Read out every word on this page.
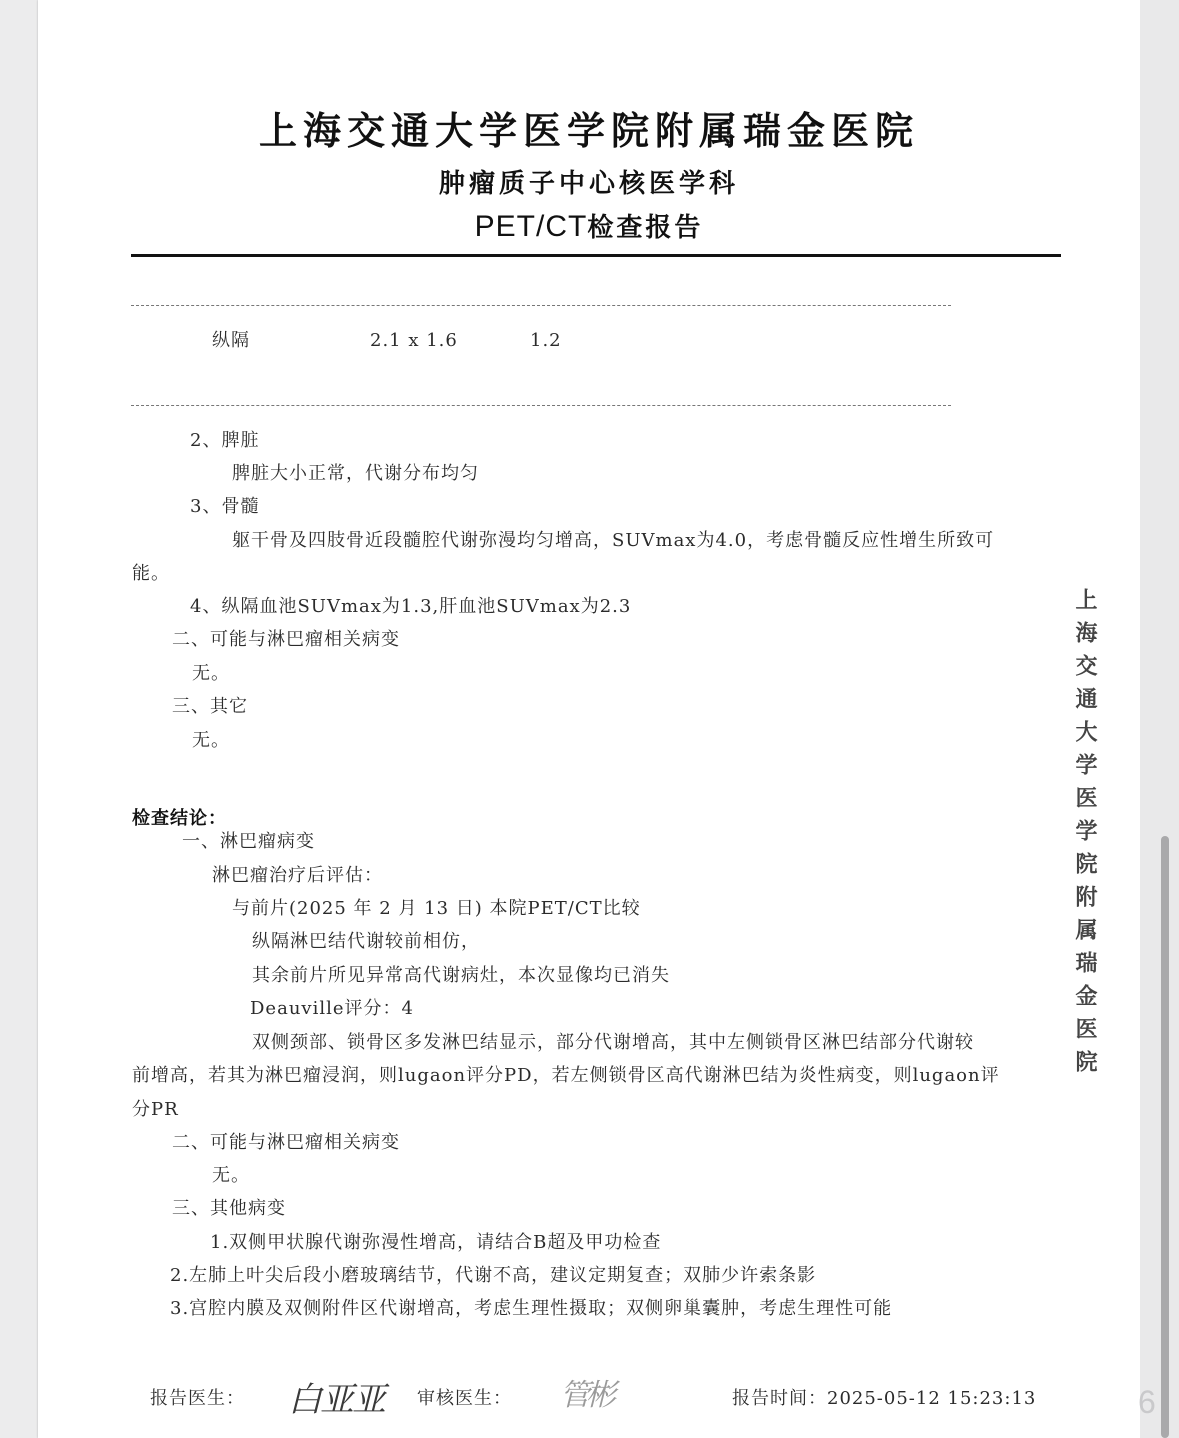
上海交通大学医学院附属瑞金医院
肿瘤质子中心核医学科
PET/CT检查报告
纵隔	2.1 x 1.6	1.2
2、脾脏
脾脏大小正常，代谢分布均匀
3、骨髓
躯干骨及四肢骨近段髓腔代谢弥漫均匀增高，SUVmax为4.0，考虑骨髓反应性增生所致可
能。
4、纵隔血池SUVmax为1.3,肝血池SUVmax为2.3
二、可能与淋巴瘤相关病变
无。
三、其它
无。
检查结论：
一、淋巴瘤病变
淋巴瘤治疗后评估：
与前片(2025 年 2 月 13 日) 本院PET/CT比较
纵隔淋巴结代谢较前相仿，
其余前片所见异常高代谢病灶，本次显像均已消失
Deauville评分：4
双侧颈部、锁骨区多发淋巴结显示，部分代谢增高，其中左侧锁骨区淋巴结部分代谢较
前增高，若其为淋巴瘤浸润，则lugaon评分PD，若左侧锁骨区高代谢淋巴结为炎性病变，则lugaon评
分PR
二、可能与淋巴瘤相关病变
无。
三、其他病变
1.双侧甲状腺代谢弥漫性增高，请结合B超及甲功检查
2.左肺上叶尖后段小磨玻璃结节，代谢不高，建议定期复查；双肺少许索条影
3.宫腔内膜及双侧附件区代谢增高，考虑生理性摄取；双侧卵巢囊肿，考虑生理性可能
报告医生： 白亚亚 审核医生： 管彬	报告时间：2025-05-12 15:23:13
上海交通大学医学院附属瑞金医院
6
